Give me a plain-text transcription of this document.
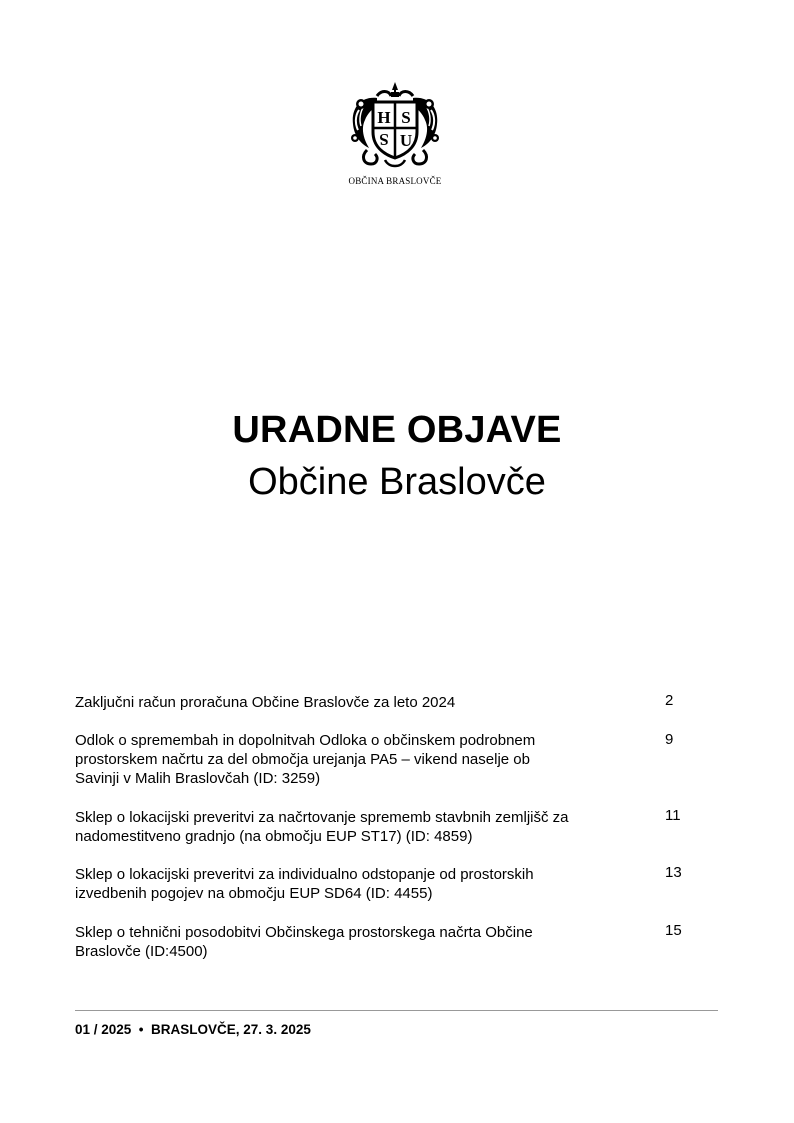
H S
S U
OBČINA BRASLOVČE
URADNE OBJAVE
Občine Braslovče
Zaključni račun proračuna Občine Braslovče za leto 2024	2
Odlok o spremembah in dopolnitvah Odloka o občinskem podrobnem
prostorskem načrtu za del območja urejanja PA5 – vikend naselje ob
Savinji v Malih Braslovčah (ID: 3259)
9
Sklep o lokacijski preveritvi za načrtovanje sprememb stavbnih zemljišč za
nadomestitveno gradnjo (na območju EUP ST17) (ID: 4859)
11
Sklep o lokacijski preveritvi za individualno odstopanje od prostorskih
izvedbenih pogojev na območju EUP SD64 (ID: 4455)
13
Sklep o tehnični posodobitvi Občinskega prostorskega načrta Občine
Braslovče (ID:4500)
15
01 / 2025  •  BRASLOVČE, 27. 3. 2025
